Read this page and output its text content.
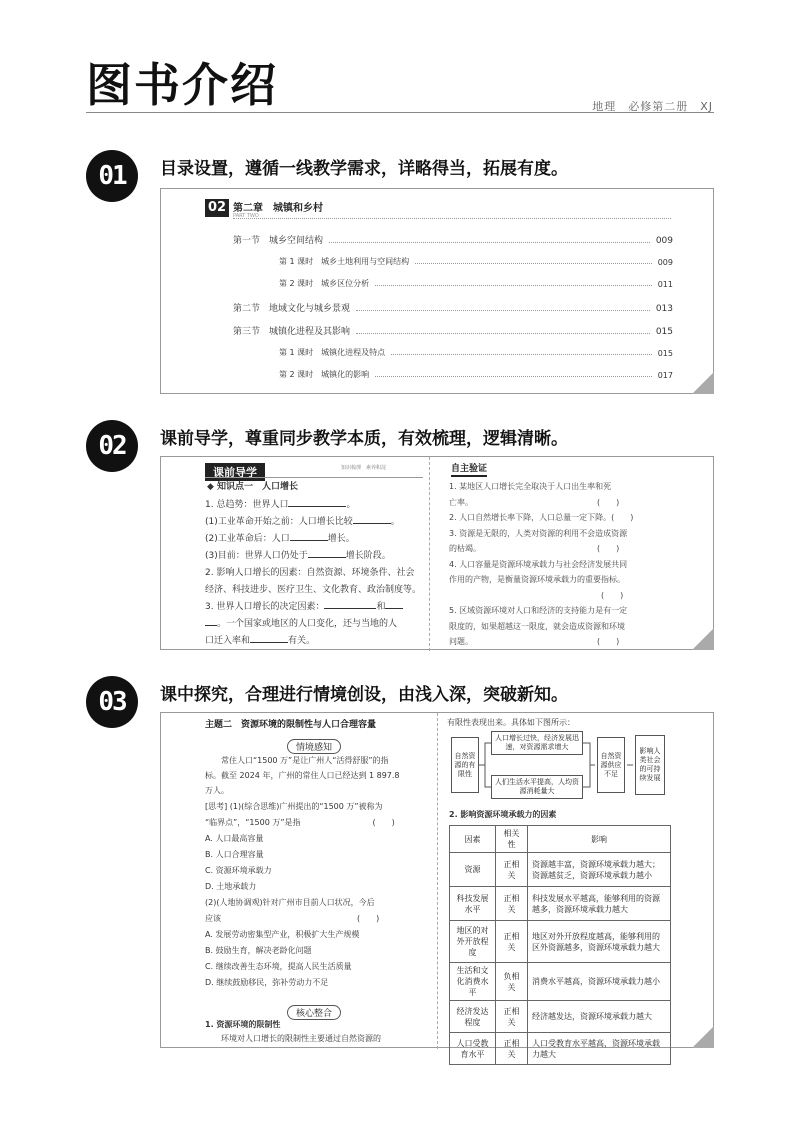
图书介绍	地理　必修第二册　XJ
01	目录设置，遵循一线教学需求，详略得当，拓展有度。
02 第二章　城镇和乡村
PART TWO
第一节　城乡空间结构	009
第 1 课时　城乡土地利用与空间结构	009
第 2 课时　城乡区位分析	011
第二节　地域文化与城乡景观	013
第三节　城镇化进程及其影响	015
第 1 课时　城镇化进程及特点	015
第 2 课时　城镇化的影响	017
02	课前导学，尊重同步教学本质，有效梳理，逻辑清晰。
课前导学	知识梳理　素养积淀
◆ 知识点一　人口增长
1. 总趋势：世界人口	。
(1)工业革命开始之前：人口增长比较	。
(2)工业革命后：人口	增长。
(3)目前：世界人口仍处于	增长阶段。
2. 影响人口增长的因素：自然资源、环境条件、社会
经济、科技进步、医疗卫生、文化教育、政治制度等。
3. 世界人口增长的决定因素：	和
。一个国家或地区的人口变化，还与当地的人
口迁入率和	有关。
自主验证
1. 某地区人口增长完全取决于人口出生率和死
亡率。　　　　　　　　　　　　　　　　(　　)
2. 人口自然增长率下降，人口总量一定下降。(　　)
3. 资源是无限的，人类对资源的利用不会造成资源
的枯竭。　　　　　　　　　　　　　　　(　　)
4. 人口容量是资源环境承载力与社会经济发展共同
作用的产物，是衡量资源环境承载力的重要指标。
　　　　　　　　　　　　　　　　　　　(　　)
5. 区域资源环境对人口和经济的支持能力是有一定
限度的，如果超越这一限度，就会造成资源和环境
问题。　　　　　　　　　　　　　　　　(　　)
03	课中探究，合理进行情境创设，由浅入深，突破新知。
主题二　资源环境的限制性与人口合理容量
情境感知
常住人口“1500 万”是让广州人“活得舒服”的指
标。截至 2024 年，广州的常住人口已经达到 1 897.8
万人。
[思考] (1)(综合思维)广州提出的“1500 万”被称为
“临界点”，“1500 万”是指　　　　　　　　　(　　)
A. 人口最高容量
B. 人口合理容量
C. 资源环境承载力
D. 土地承载力
(2)(人地协调观)针对广州市目前人口状况，今后
应该　　　　　　　　　　　　　　　　　(　　)
A. 发展劳动密集型产业，积极扩大生产规模
B. 鼓励生育，解决老龄化问题
C. 继续改善生态环境，提高人民生活质量
D. 继续鼓励移民，弥补劳动力不足
核心整合
1. 资源环境的限制性
环境对人口增长的限制性主要通过自然资源的
有限性表现出来。具体如下图所示：
自然资源的有限性
人口增长过快，经济发展迅速，对资源需求增大
人们生活水平提高，人均资源消耗量大
自然资源供应不足
影响人类社会的可持续发展
2. 影响资源环境承载力的因素
因素	相关性	影响
资源	正相关	资源越丰富，资源环境承载力越大；资源越贫乏，资源环境承载力越小
科技发展水平	正相关	科技发展水平越高，能够利用的资源越多，资源环境承载力越大
地区的对外开放程度	正相关	地区对外开放程度越高，能够利用的区外资源越多，资源环境承载力越大
生活和文化消费水平	负相关	消费水平越高，资源环境承载力越小
经济发达程度	正相关	经济越发达，资源环境承载力越大
人口受教育水平	正相关	人口受教育水平越高，资源环境承载力越大
